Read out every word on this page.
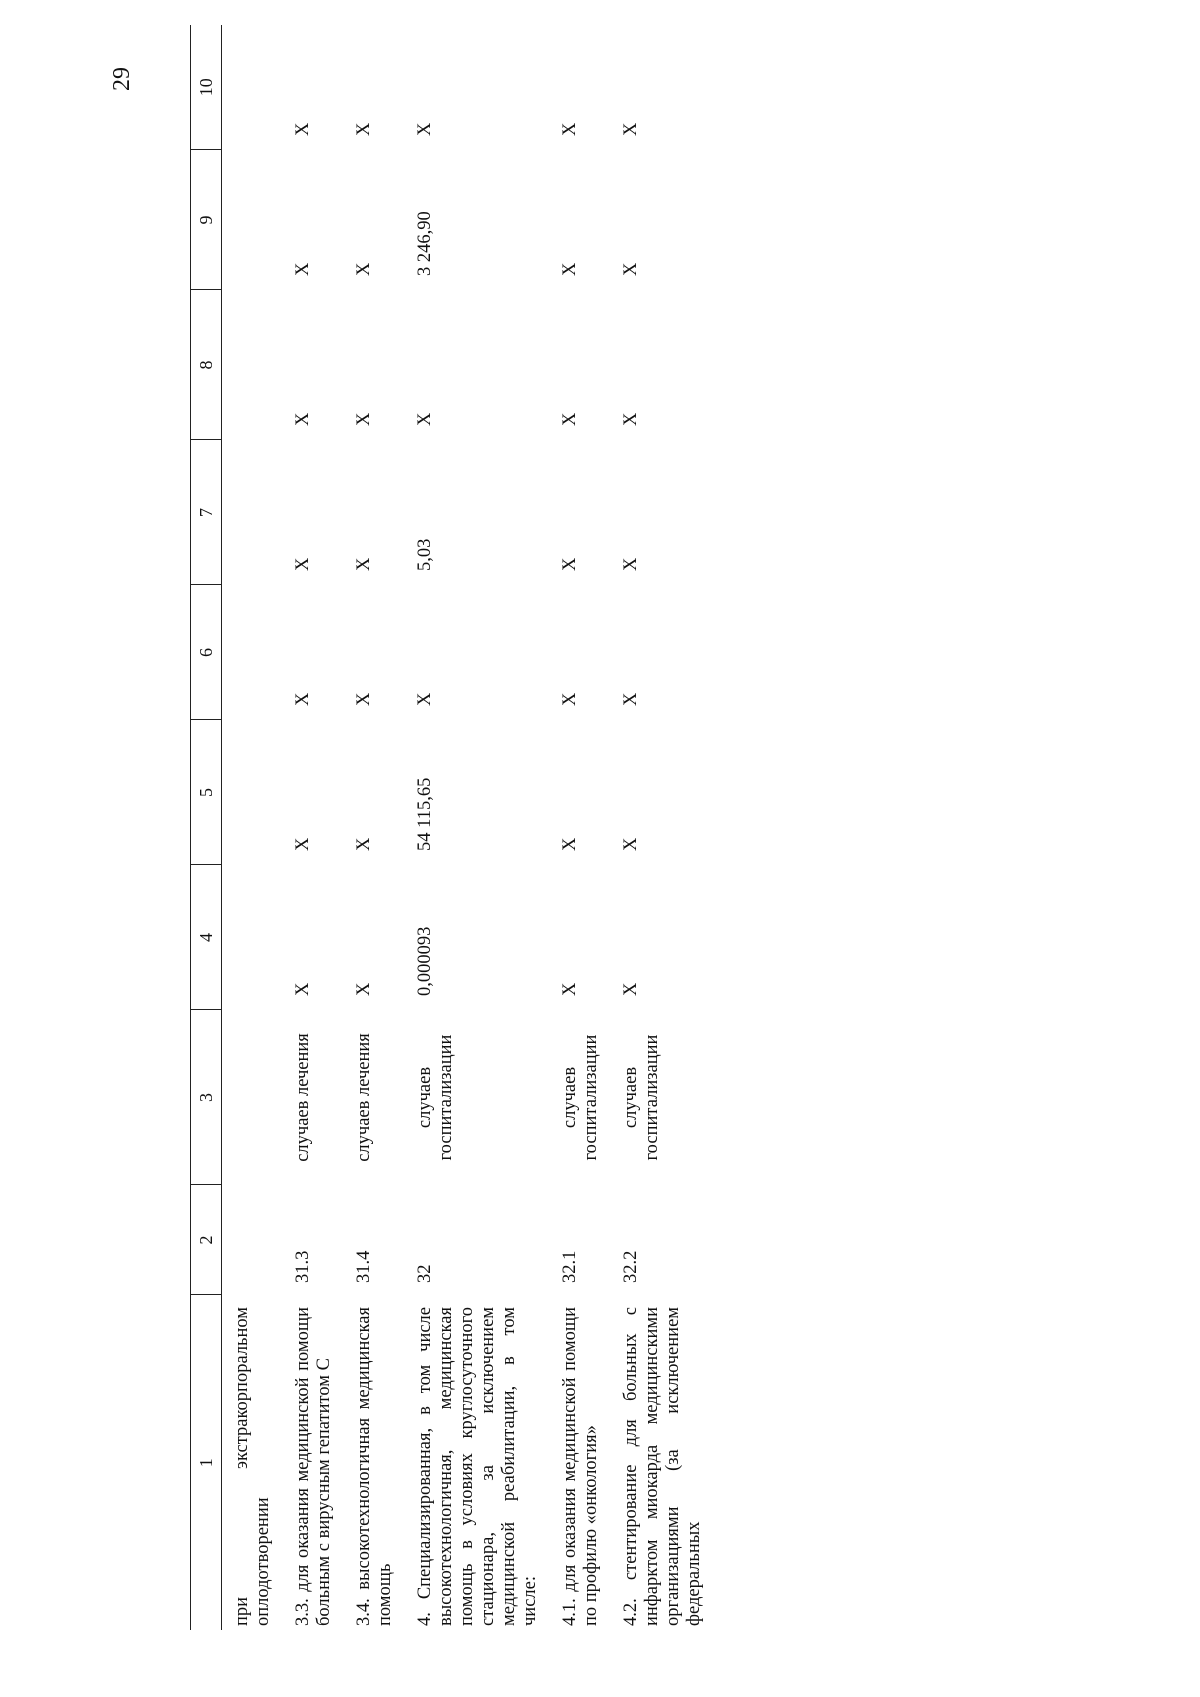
29
1	2	3	4	5	6	7	8	9	10
при экстракорпоральном оплодотворении									
3.3. для оказания медицинской помощи больным с вирусным гепатитом С	31.3	случаев лечения	X	X	X	X	X	X	X
3.4. высокотехнологичная медицинская помощь	31.4	случаев лечения	X	X	X	X	X	X	X
4. Специализированная, в том числе высокотехнологичная, медицинская помощь в условиях круглосуточного стационара, за исключением медицинской реабилитации, в том числе:	32	случаев госпитализации	0,000093	54 115,65	X	5,03	X	3 246,90	X
4.1. для оказания медицинской помощи по профилю «онкология»	32.1	случаев госпитализации	X	X	X	X	X	X	X
4.2. стентирование для больных с инфарктом миокарда медицинскими организациями (за исключением федеральных	32.2	случаев госпитализации	X	X	X	X	X	X	X
